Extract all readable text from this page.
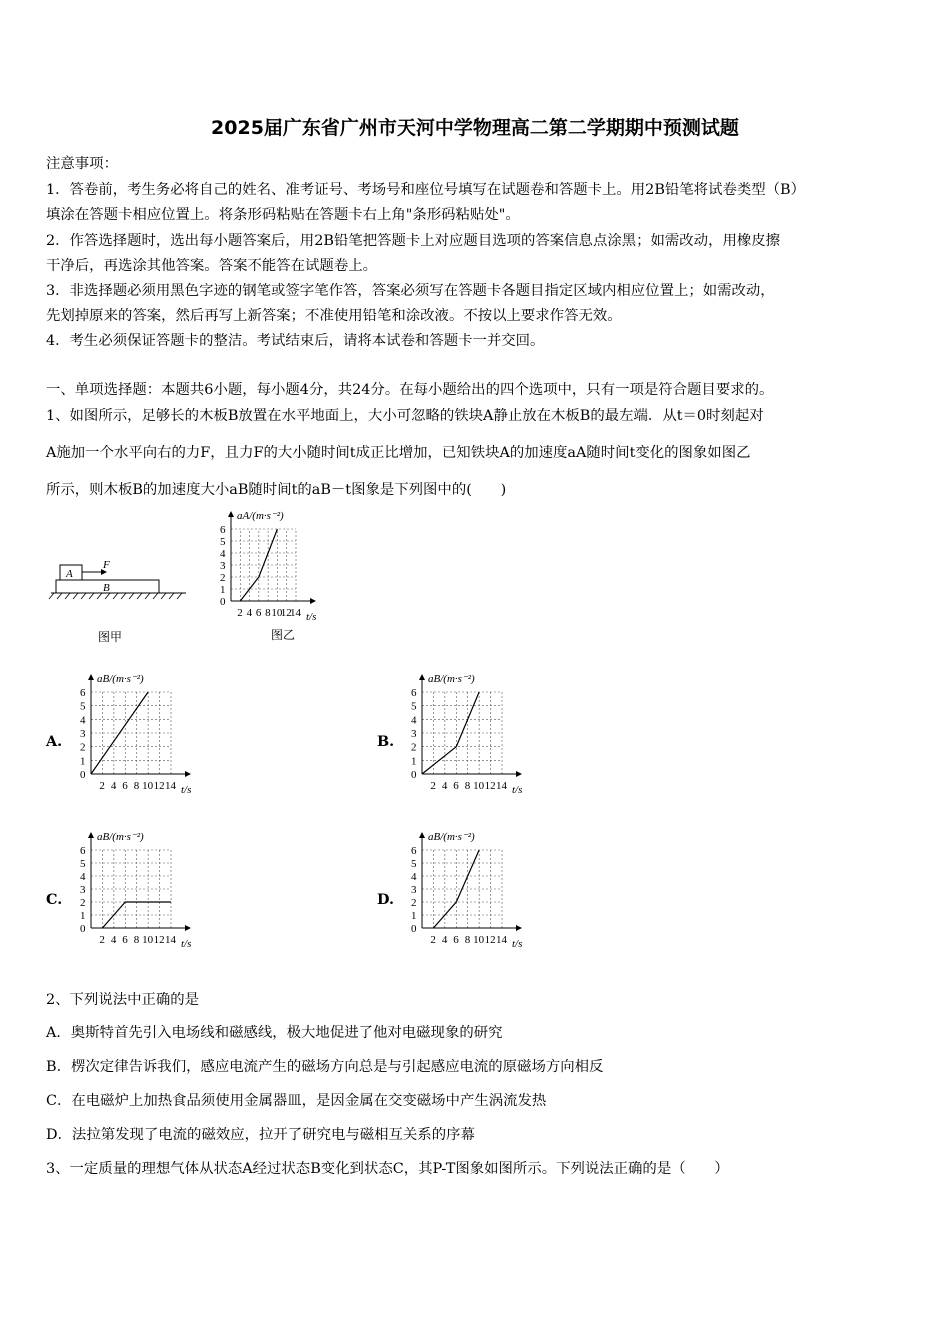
2025届广东省广州市天河中学物理高二第二学期期中预测试题
注意事项：
1．答卷前，考生务必将自己的姓名、准考证号、考场号和座位号填写在试题卷和答题卡上。用2B铅笔将试卷类型（B）
填涂在答题卡相应位置上。将条形码粘贴在答题卡右上角"条形码粘贴处"。
2．作答选择题时，选出每小题答案后，用2B铅笔把答题卡上对应题目选项的答案信息点涂黑；如需改动，用橡皮擦
干净后，再选涂其他答案。答案不能答在试题卷上。
3．非选择题必须用黑色字迹的钢笔或签字笔作答，答案必须写在答题卡各题目指定区域内相应位置上；如需改动，
先划掉原来的答案，然后再写上新答案；不准使用铅笔和涂改液。不按以上要求作答无效。
4．考生必须保证答题卡的整洁。考试结束后，请将本试卷和答题卡一并交回。
一、单项选择题：本题共6小题，每小题4分，共24分。在每小题给出的四个选项中，只有一项是符合题目要求的。
1、如图所示，足够长的木板B放置在水平地面上，大小可忽略的铁块A静止放在木板B的最左端．从t＝0时刻起对
A施加一个水平向右的力F，且力F的大小随时间t成正比增加，已知铁块A的加速度aA随时间t变化的图象如图乙
所示，则木板B的加速度大小aB随时间t的aB－t图象是下列图中的(　　)
A
F
B
图甲
0
1
2
3
4
5
6
2 4 6 8 10
12
14 t/s
aA/(m·s⁻²)
图乙
0
1
2
3
4
5
6
2 4 6 8 10 12 14 t/s
aB/(m·s⁻²)
0
1
2
3
4
5
6
2 4 6 8 10 12 14 t/s
aB/(m·s⁻²)
0
1
2
3
4
5
6
2 4 6 8 10 12 14 t/s
aB/(m·s⁻²)
0
1
2
3
4
5
6
2 4 6 8 10 12 14 t/s
aB/(m·s⁻²)
A.	B.
C.	D.
2、下列说法中正确的是
A．奥斯特首先引入电场线和磁感线，极大地促进了他对电磁现象的研究
B．楞次定律告诉我们，感应电流产生的磁场方向总是与引起感应电流的原磁场方向相反
C．在电磁炉上加热食品须使用金属器皿，是因金属在交变磁场中产生涡流发热
D．法拉第发现了电流的磁效应，拉开了研究电与磁相互关系的序幕
3、一定质量的理想气体从状态A经过状态B变化到状态C，其P-T图象如图所示。下列说法正确的是（　　）
